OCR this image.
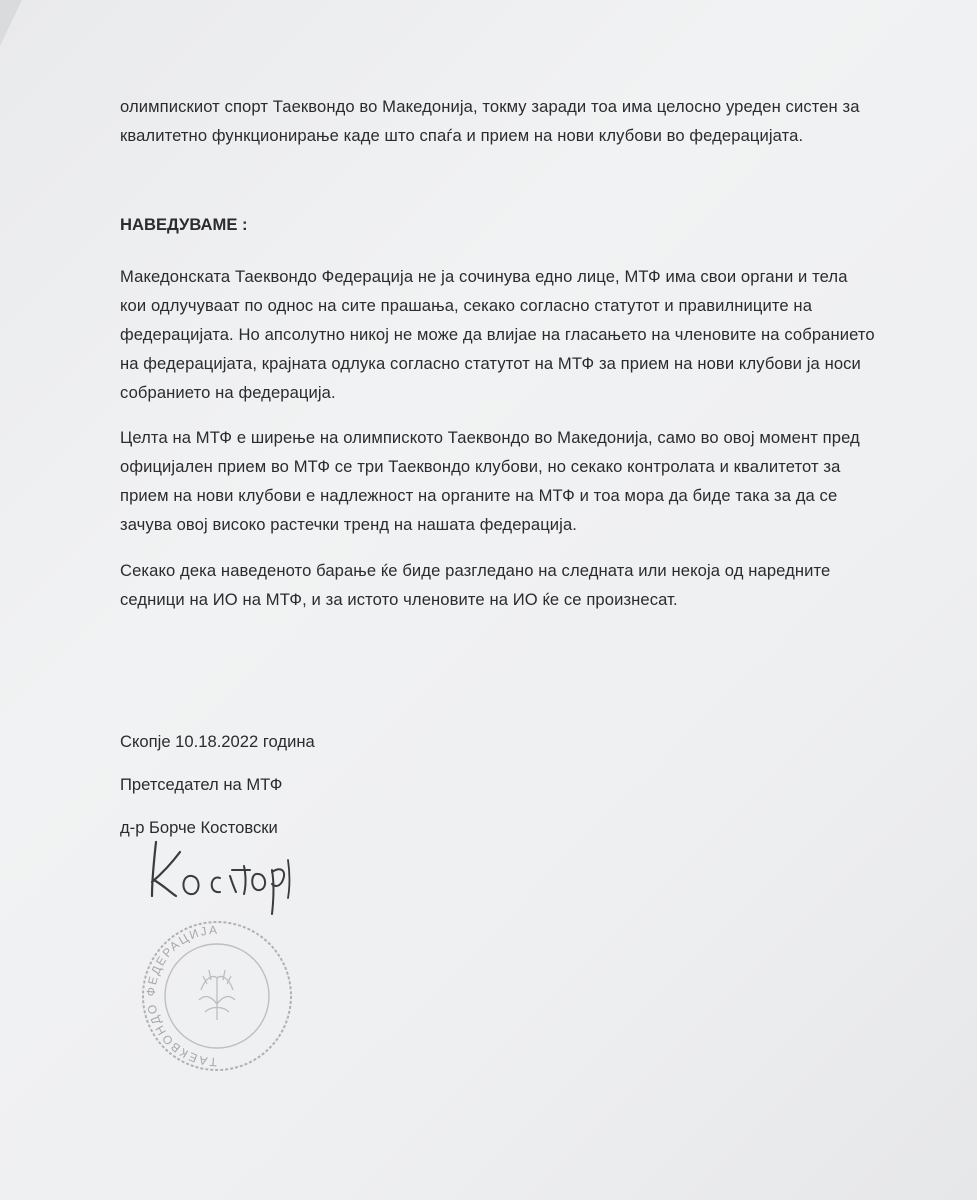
олимпискиот спорт Таеквондо во Македонија, токму заради тоа има целосно уреден систен за
квалитетно функционирање каде што спаѓа и прием на нови клубови во федерацијата.

НАВЕДУВАМЕ :

Македонската Таеквондо Федерација не ја сочинува едно лице, МТФ има свои органи и тела
кои одлучуваат по однос на сите прашања, секако согласно статутот и правилниците на
федерацијата. Но апсолутно никој не може да влијае на гласањето на членовите на собранието
на федерацијата, крајната одлука согласно статутот на МТФ за прием на нови клубови ја носи
собранието на федерација.

Целта на МТФ е ширење на олимпиското Таеквондо во Македонија, само во овој момент пред
официјален прием во МТФ се три Таеквондо клубови, но секако контролата и квалитетот за
прием на нови клубови е надлежност на органите на МТФ и тоа мора да биде така за да се
зачува овој високо растечки тренд на нашата федерација.

Секако дека наведеното барање ќе биде разгледано на следната или некоја од наредните
седници на ИО на МТФ, и за истото членовите на ИО ќе се произнесат.

Скопје 10.18.2022 година

Претседател на МТФ

д-р Борче Костовски

ТАЕКВОНДО ФЕДЕРАЦИЈА
